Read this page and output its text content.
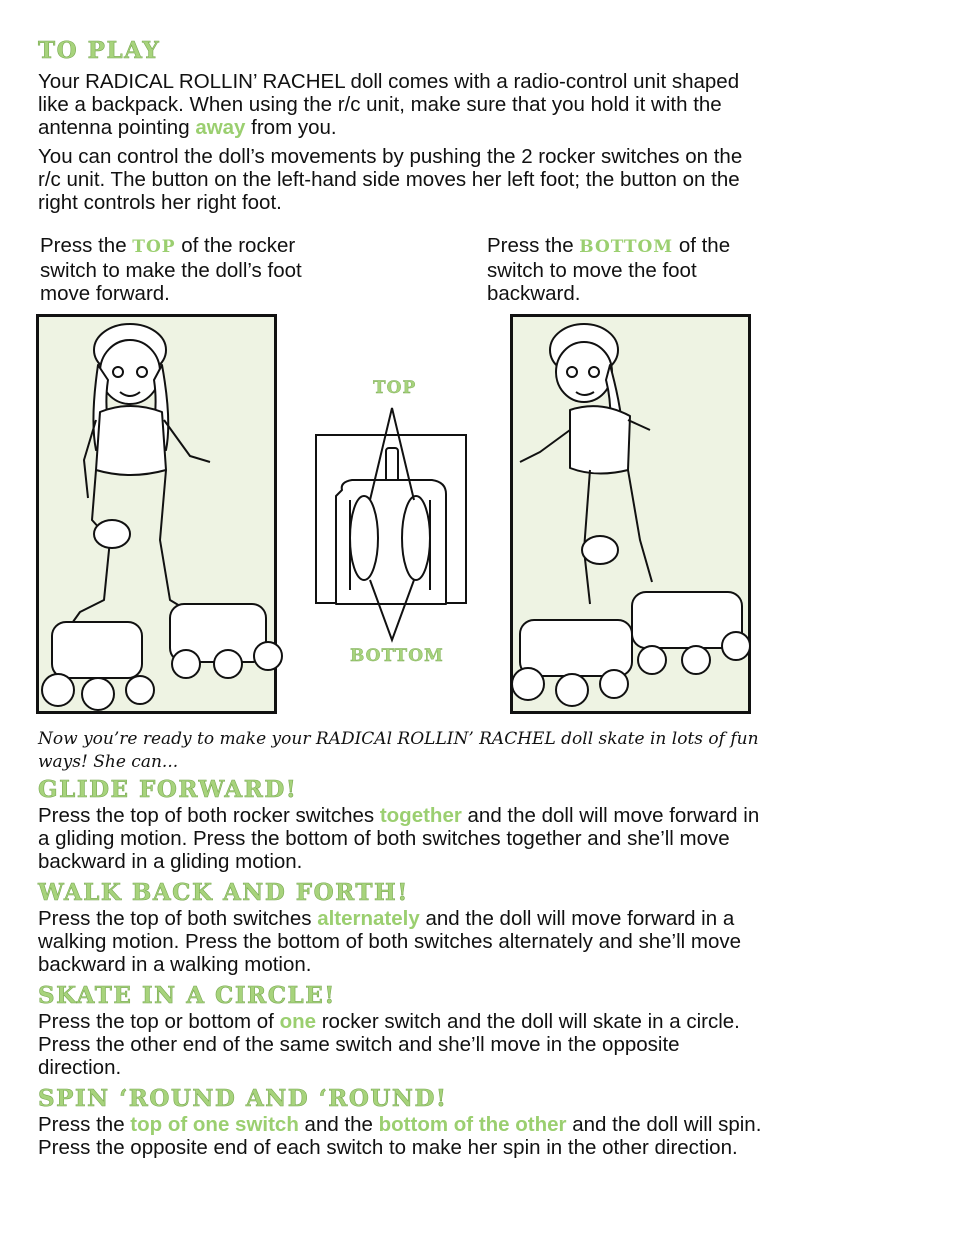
TO PLAY

Your RADICAL ROLLIN’ RACHEL doll comes with a radio-control unit shaped like a backpack. When using the r/c unit, make sure that you hold it with the antenna pointing away from you.

You can control the doll’s movements by pushing the 2 rocker switches on the r/c unit. The button on the left-hand side moves her left foot; the button on the right controls her right foot.

Press the TOP of the rocker switch to make the doll’s foot move forward.

Press the BOTTOM of the switch to move the foot backward.

TOP
BOTTOM

Now you’re ready to make your RADICAl ROLLIN’ RACHEL doll skate in lots of fun ways! She can...

GLIDE FORWARD!

Press the top of both rocker switches together and the doll will move forward in a gliding motion. Press the bottom of both switches together and she’ll move backward in a gliding motion.

WALK BACK AND FORTH!

Press the top of both switches alternately and the doll will move forward in a walking motion. Press the bottom of both switches alternately and she’ll move backward in a walking motion.

SKATE IN A CIRCLE!

Press the top or bottom of one rocker switch and the doll will skate in a circle. Press the other end of the same switch and she’ll move in the opposite direction.

SPIN ‘ROUND AND ‘ROUND!

Press the top of one switch and the bottom of the other and the doll will spin. Press the opposite end of each switch to make her spin in the other direction.
